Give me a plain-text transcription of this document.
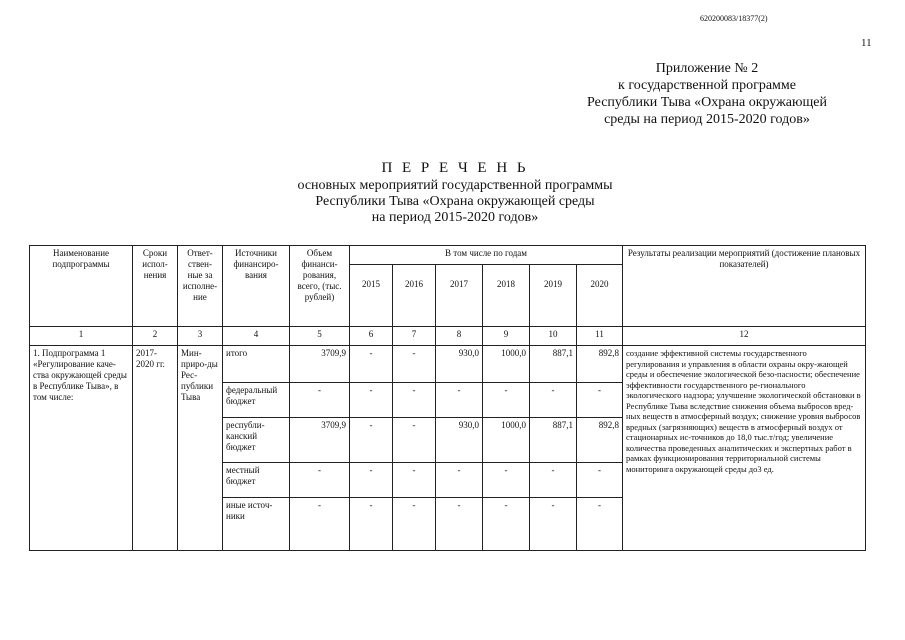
620200083/18377(2)
11
Приложение № 2
к государственной программе
Республики Тыва «Охрана окружающей
среды на период 2015-2020 годов»
П Е Р Е Ч Е Н Ь
основных мероприятий государственной программы
Республики Тыва «Охрана окружающей среды
на период 2015-2020 годов»
Наименование подпрограммы	Сроки испол-нения	Ответ-ствен-ные за исполне-ние	Источники финансиро-вания	Объем финанси-рования, всего, (тыс. рублей)	В том числе по годам						Результаты реализации мероприятий (достижение плановых показателей)
					2015	2016	2017	2018	2019	2020	
1	2	3	4	5	6	7	8	9	10	11	12
1. Подпрограмма 1 «Регулирование каче-ства окружающей среды в Республике Тыва», в том числе:	2017-2020 гг.	Мин-приро-ды Рес-публики Тыва	итого	3709,9	-	-	930,0	1000,0	887,1	892,8	создание эффективной системы государственного регулирования и управления в области охраны окру-жающей среды и обеспечение экологической безо-пасности; обеспечение эффективности государственного ре-гионального экологического надзора; улучшение экологической обстановки в Республике Тыва вследствие снижения объема выбросов вред-ных веществ в атмосферный воздух; снижение уровня выбросов вредных (загрязняющих) веществ в атмосферный воздух от стационарных ис-точников до 18,0 тыс.т/год; увеличение количества проведенных аналитических и экспертных работ в рамках функционирования территориальной системы мониторинга окружающей среды до3 ед.
			федеральный бюджет	-	-	-	-	-	-	-	
			республи-канский бюджет	3709,9	-	-	930,0	1000,0	887,1	892,8	
			местный бюджет	-	-	-	-	-	-	-	
			иные источ-ники	-	-	-	-	-	-	-	
